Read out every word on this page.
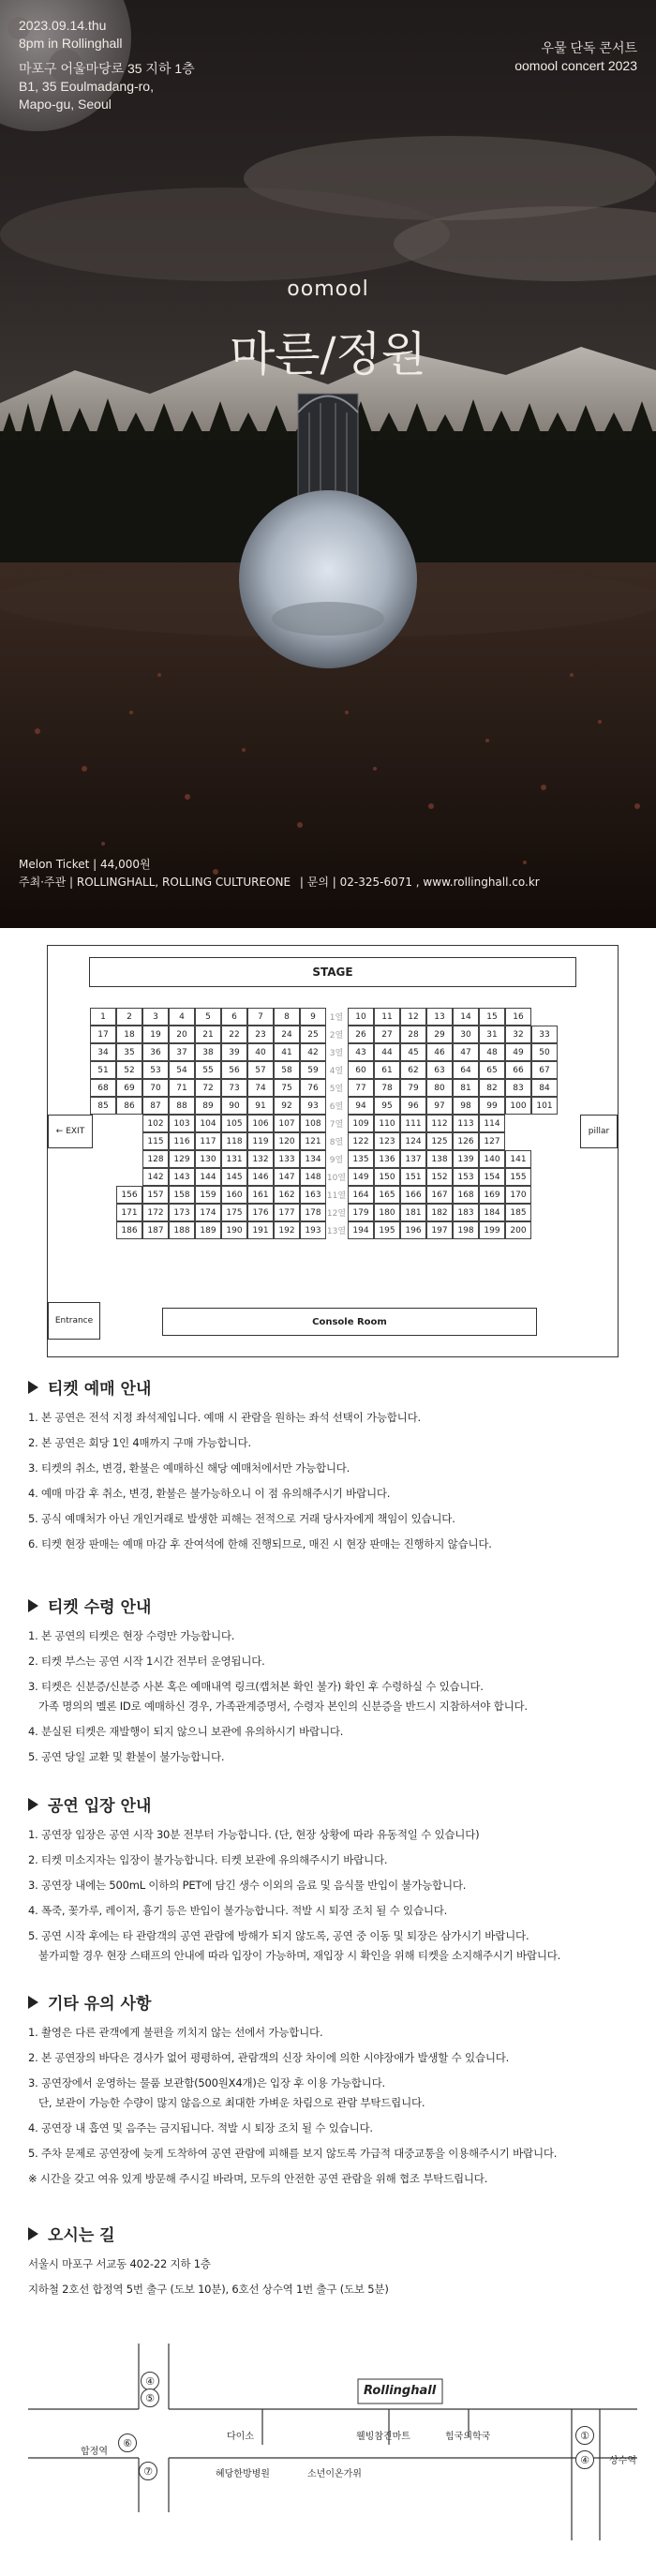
2023.09.14.thu
8pm in Rollinghall
마포구 어울마당로 35 지하 1층
B1, 35 Eoulmadang-ro,
Mapo-gu, Seoul
우물 단독 콘서트
oomool concert 2023
oomool
마른/정원
Melon Ticket | 44,000원
주최·주관 | ROLLINGHALL, ROLLING CULTUREONE | 문의 | 02-325-6071 , www.rollinghall.co.kr
STAGE
← EXIT	pillar
Entrance	Console Room
1	2	3	4	5	6	7	8	9	1열	10	11	12	13	14	15	16
17	18	19	20	21	22	23	24	25	2열	26	27	28	29	30	31	32	33
34	35	36	37	38	39	40	41	42	3열	43	44	45	46	47	48	49	50
51	52	53	54	55	56	57	58	59	4열	60	61	62	63	64	65	66	67
68	69	70	71	72	73	74	75	76	5열	77	78	79	80	81	82	83	84
85	86	87	88	89	90	91	92	93	6열	94	95	96	97	98	99	100	101
102	103	104	105	106	107	108	7열	109	110	111	112	113	114
115	116	117	118	119	120	121	8열	122	123	124	125	126	127
128	129	130	131	132	133	134	9열	135	136	137	138	139	140	141
142	143	144	145	146	147	148 10열 149	150	151	152	153	154	155
156	157	158	159	160	161	162	163 11열 164	165	166	167	168	169	170
171	172	173	174	175	176	177	178 12열 179	180	181	182	183	184	185
186	187	188	189	190	191	192	193 13열 194	195	196	197	198	199	200
티켓 예매 안내
1. 본 공연은 전석 지정 좌석제입니다. 예매 시 관람을 원하는 좌석 선택이 가능합니다.
2. 본 공연은 회당 1인 4매까지 구매 가능합니다.
3. 티켓의 취소, 변경, 환불은 예매하신 해당 예매처에서만 가능합니다.
4. 예매 마감 후 취소, 변경, 환불은 불가능하오니 이 점 유의해주시기 바랍니다.
5. 공식 예매처가 아닌 개인거래로 발생한 피해는 전적으로 거래 당사자에게 책임이 있습니다.
6. 티켓 현장 판매는 예매 마감 후 잔여석에 한해 진행되므로, 매진 시 현장 판매는 진행하지 않습니다.
티켓 수령 안내
1. 본 공연의 티켓은 현장 수령만 가능합니다.
2. 티켓 부스는 공연 시작 1시간 전부터 운영됩니다.
3. 티켓은 신분증/신분증 사본 혹은 예매내역 링크(캡쳐본 확인 불가) 확인 후 수령하실 수 있습니다.
가족 명의의 멜론 ID로 예매하신 경우, 가족관계증명서, 수령자 본인의 신분증을 반드시 지참하셔야 합니다.
4. 분실된 티켓은 재발행이 되지 않으니 보관에 유의하시기 바랍니다.
5. 공연 당일 교환 및 환불이 불가능합니다.
공연 입장 안내
1. 공연장 입장은 공연 시작 30분 전부터 가능합니다. (단, 현장 상황에 따라 유동적일 수 있습니다)
2. 티켓 미소지자는 입장이 불가능합니다. 티켓 보관에 유의해주시기 바랍니다.
3. 공연장 내에는 500mL 이하의 PET에 담긴 생수 이외의 음료 및 음식물 반입이 불가능합니다.
4. 폭죽, 꽃가루, 레이저, 흉기 등은 반입이 불가능합니다. 적발 시 퇴장 조치 될 수 있습니다.
5. 공연 시작 후에는 타 관람객의 공연 관람에 방해가 되지 않도록, 공연 중 이동 및 퇴장은 삼가시기 바랍니다.
불가피할 경우 현장 스태프의 안내에 따라 입장이 가능하며, 재입장 시 확인을 위해 티켓을 소지해주시기 바랍니다.
기타 유의 사항
1. 촬영은 다른 관객에게 불편을 끼치지 않는 선에서 가능합니다.
2. 본 공연장의 바닥은 경사가 없어 평평하여, 관람객의 신장 차이에 의한 시야장애가 발생할 수 있습니다.
3. 공연장에서 운영하는 물품 보관함(500원X4개)은 입장 후 이용 가능합니다.
단, 보관이 가능한 수량이 많지 않음으로 최대한 가벼운 차림으로 관람 부탁드립니다.
4. 공연장 내 흡연 및 음주는 금지됩니다. 적발 시 퇴장 조치 될 수 있습니다.
5. 주차 문제로 공연장에 늦게 도착하여 공연 관람에 피해를 보지 않도록 가급적 대중교통을 이용해주시기 바랍니다.
※ 시간을 갖고 여유 있게 방문해 주시길 바라며, 모두의 안전한 공연 관람을 위해 협조 부탁드립니다.
오시는 길
서울시 마포구 서교동 402-22 지하 1층
지하철 2호선 합정역 5번 출구 (도보 10분), 6호선 상수역 1번 출구 (도보 5분)
Rollinghall
다이소	웰빙참진마트	힘국의학국
혜당한방병원	소년이온가위
합정역
상수역
④
⑤
⑥
⑦
①
④
